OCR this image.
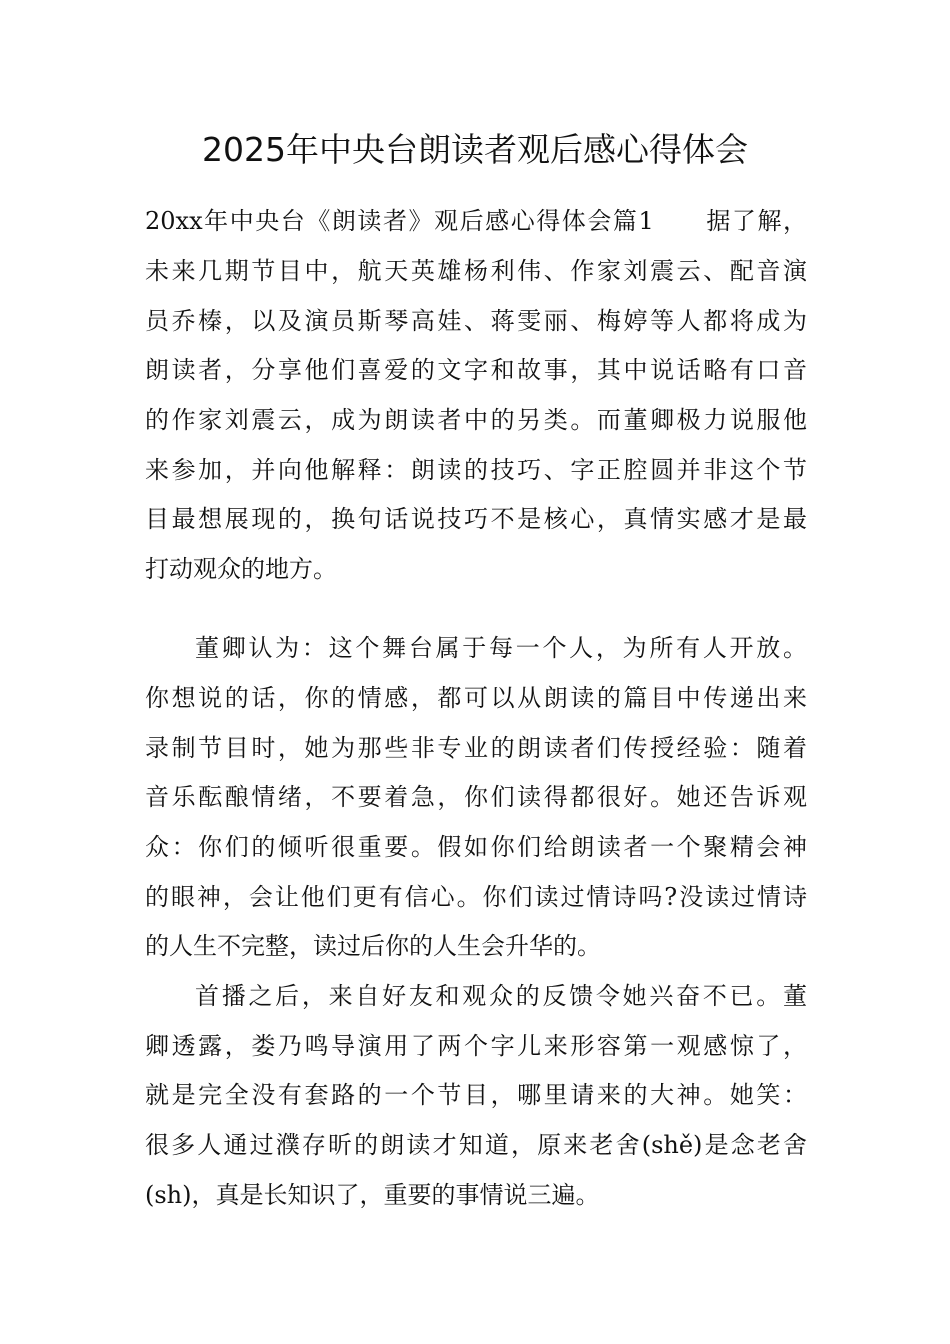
2025年中央台朗读者观后感心得体会
20xx年中央台《朗读者》观后感心得体会篇1　　据了解，
未来几期节目中，航天英雄杨利伟、作家刘震云、配音演
员乔榛，以及演员斯琴高娃、蒋雯丽、梅婷等人都将成为
朗读者，分享他们喜爱的文字和故事，其中说话略有口音
的作家刘震云，成为朗读者中的另类。而董卿极力说服他
来参加，并向他解释：朗读的技巧、字正腔圆并非这个节
目最想展现的，换句话说技巧不是核心，真情实感才是最
打动观众的地方。
董卿认为：这个舞台属于每一个人，为所有人开放。
你想说的话，你的情感，都可以从朗读的篇目中传递出来
录制节目时，她为那些非专业的朗读者们传授经验：随着
音乐酝酿情绪，不要着急，你们读得都很好。她还告诉观
众：你们的倾听很重要。假如你们给朗读者一个聚精会神
的眼神，会让他们更有信心。你们读过情诗吗?没读过情诗
的人生不完整，读过后你的人生会升华的。
首播之后，来自好友和观众的反馈令她兴奋不已。董
卿透露，娄乃鸣导演用了两个字儿来形容第一观感惊了，
就是完全没有套路的一个节目，哪里请来的大神。她笑：
很多人通过濮存昕的朗读才知道，原来老舍(shě)是念老舍
(sh)，真是长知识了，重要的事情说三遍。
